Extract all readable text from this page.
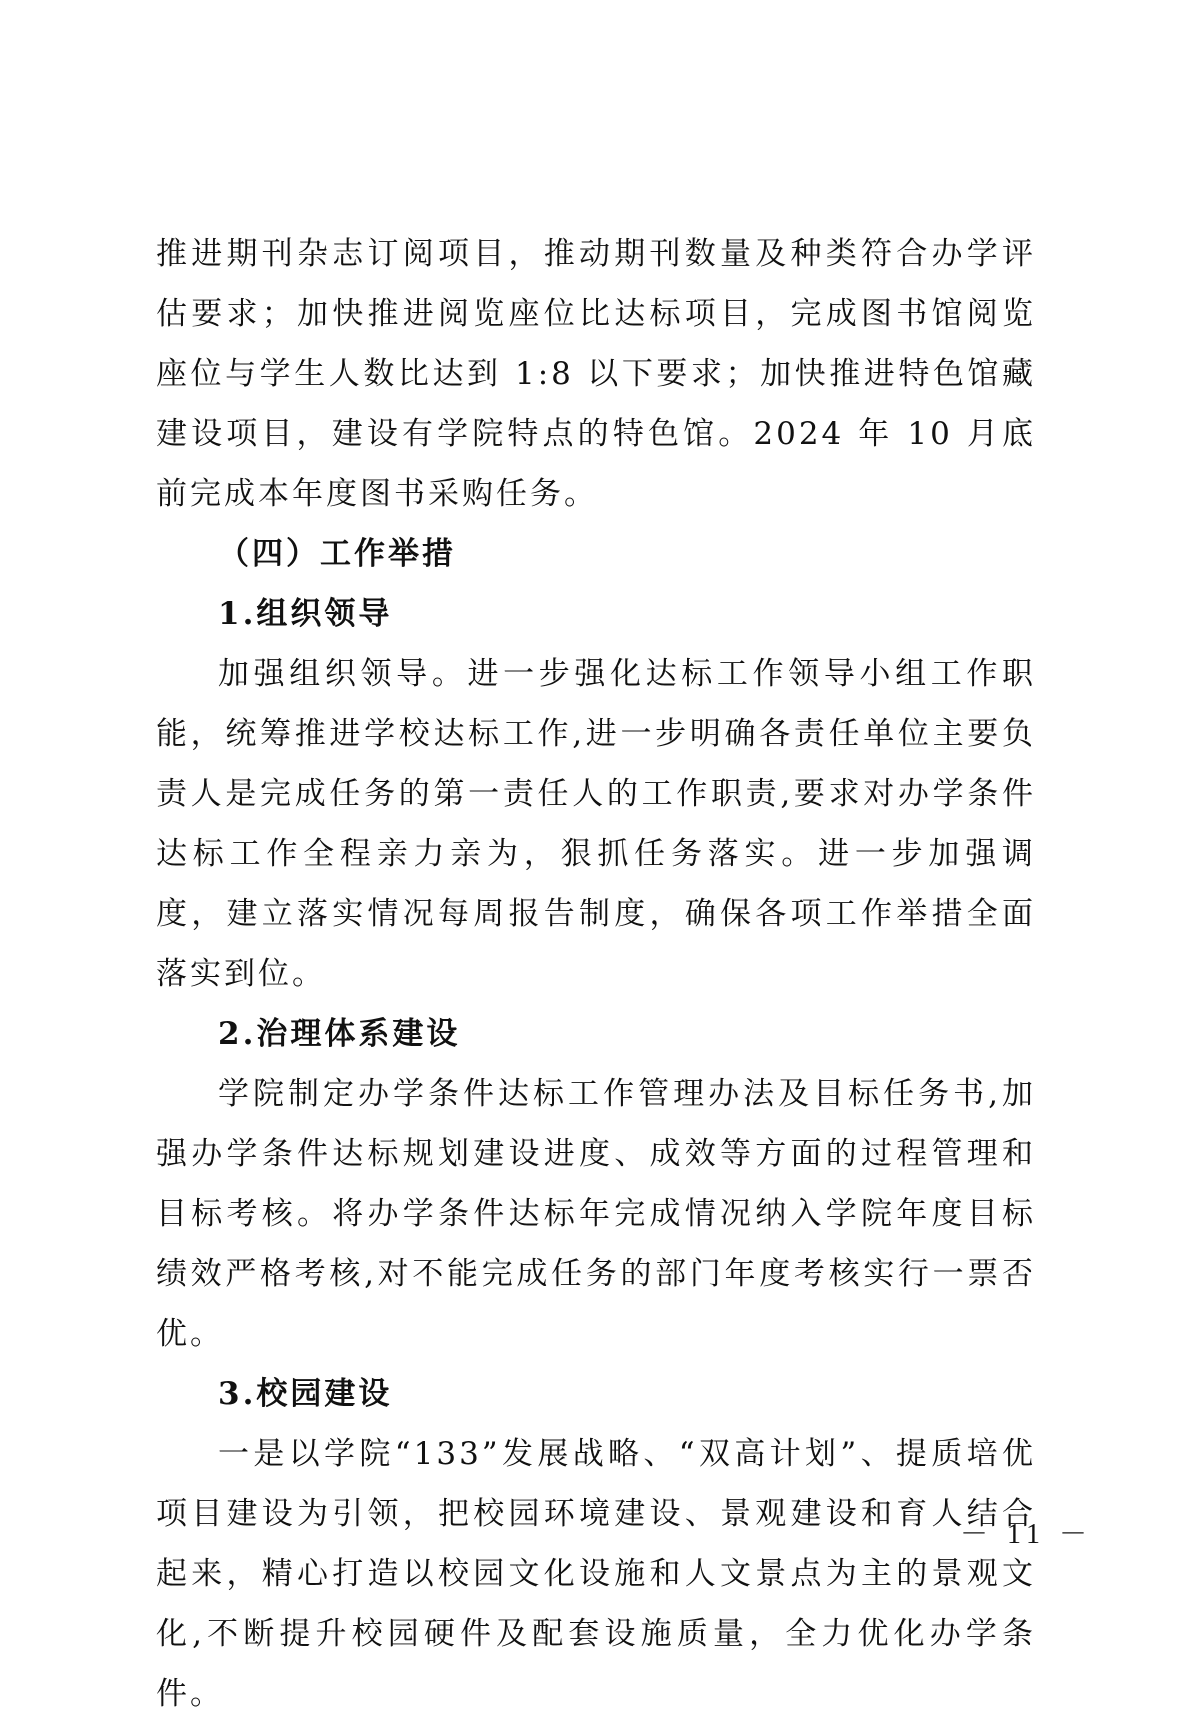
推进期刊杂志订阅项目，推动期刊数量及种类符合办学评估要求；加快推进阅览座位比达标项目，完成图书馆阅览座位与学生人数比达到 1:8 以下要求；加快推进特色馆藏建设项目，建设有学院特点的特色馆。2024 年 10 月底前完成本年度图书采购任务。

（四）工作举措

1.组织领导

加强组织领导。进一步强化达标工作领导小组工作职能，统筹推进学校达标工作,进一步明确各责任单位主要负责人是完成任务的第一责任人的工作职责,要求对办学条件达标工作全程亲力亲为，狠抓任务落实。进一步加强调度，建立落实情况每周报告制度，确保各项工作举措全面落实到位。

2.治理体系建设

学院制定办学条件达标工作管理办法及目标任务书,加强办学条件达标规划建设进度、成效等方面的过程管理和目标考核。将办学条件达标年完成情况纳入学院年度目标绩效严格考核,对不能完成任务的部门年度考核实行一票否优。

3.校园建设

一是以学院“133”发展战略、“双高计划”、提质培优项目建设为引领，把校园环境建设、景观建设和育人结合起来，精心打造以校园文化设施和人文景点为主的景观文化,不断提升校园硬件及配套设施质量，全力优化办学条件。

－ 11 －
